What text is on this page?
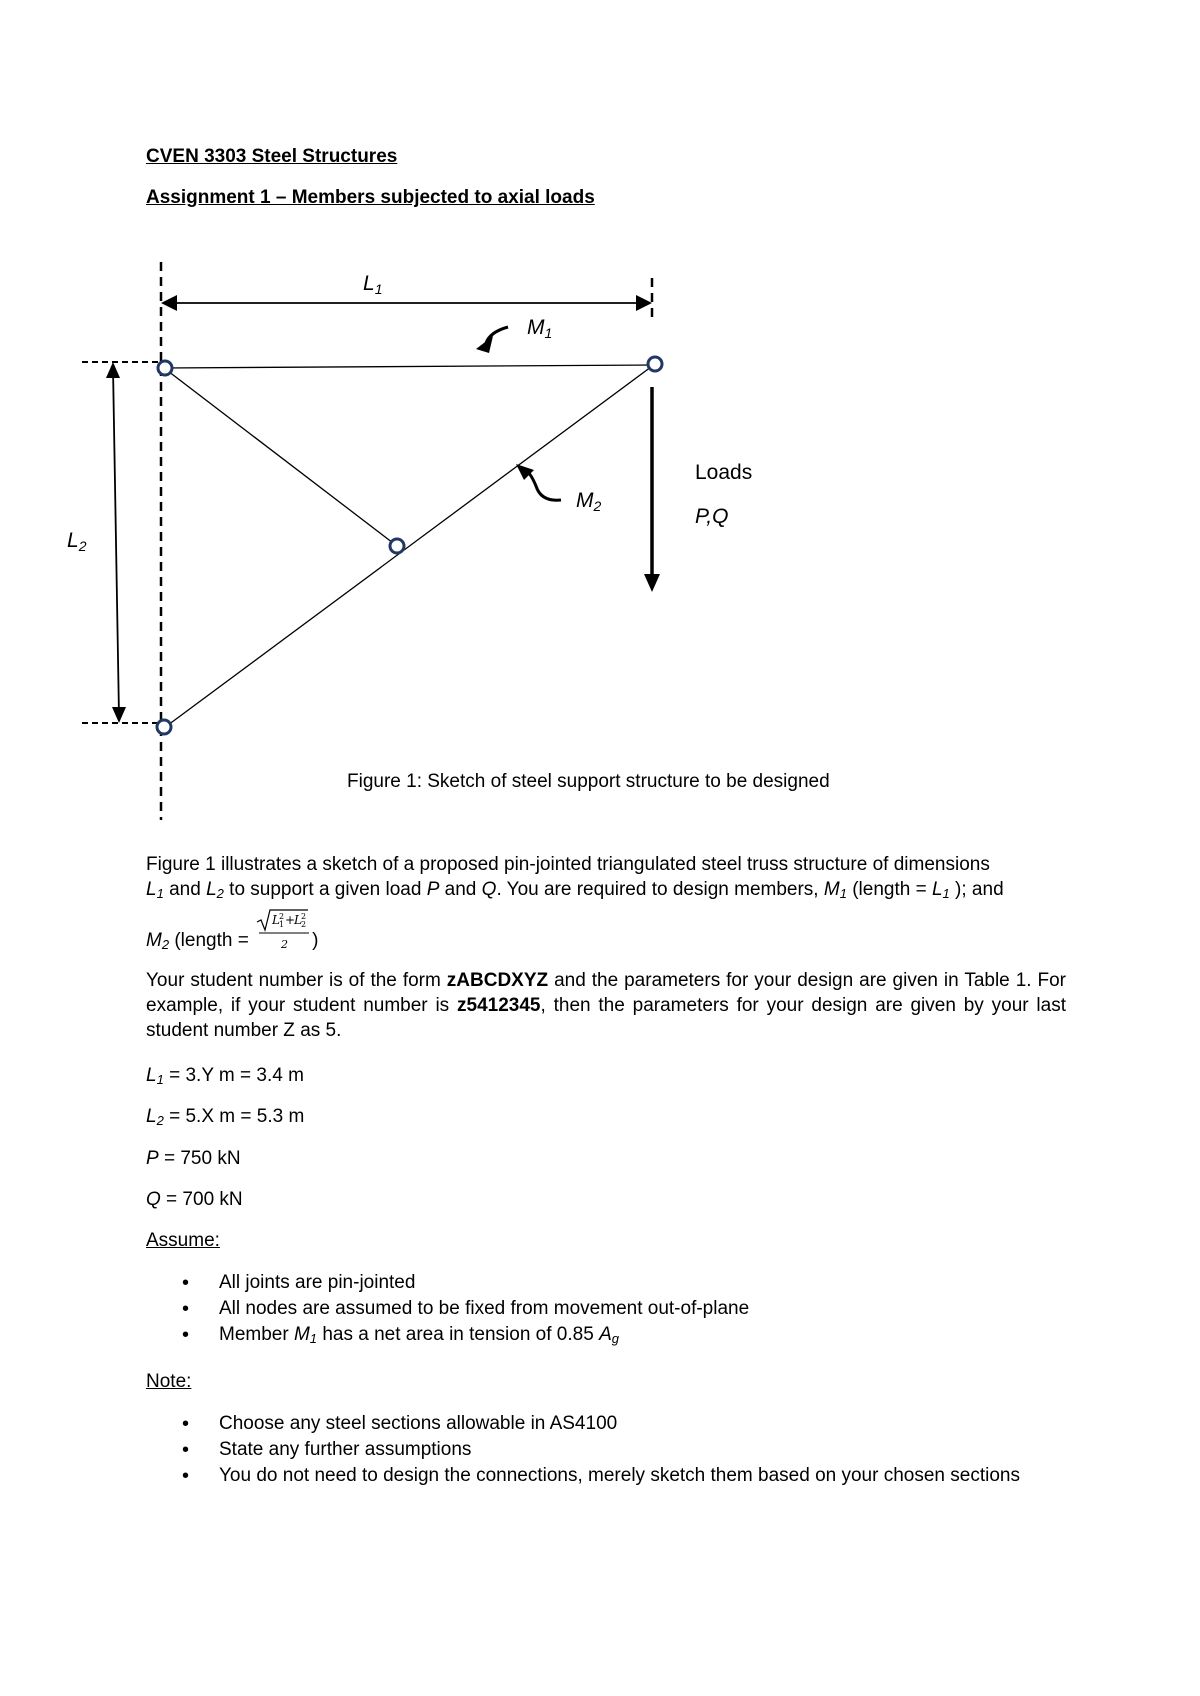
CVEN 3303 Steel Structures
Assignment 1 – Members subjected to axial loads
L1
L2
M1
M2
Loads
P,Q
Figure 1: Sketch of steel support structure to be designed
Figure 1 illustrates a sketch of a proposed pin-jointed triangulated steel truss structure of dimensions
$L_1$ and $L_2$ to support a given load P and Q. You are required to design members, $M_1$ (length = $L_1$ ); and
$M_2$ (length =
L 2
1 +
L 2
2
2 )
Your student number is of the form zABCDXYZ and the parameters for your design are given in Table 1. For example, if your student number is z5412345, then the parameters for your design are given by your last student number Z as 5.
$L_1 = 3.Y$ m = 3.4 m
$L_2 = 5.X$ m = 5.3 m
P = 750 kN
Q = 700 kN
Assume:
• All joints are pin-jointed
• All nodes are assumed to be fixed from movement out-of-plane
• Member $M_1$ has a net area in tension of 0.85 $A_g$
Note:
• Choose any steel sections allowable in AS4100
• State any further assumptions
• You do not need to design the connections, merely sketch them based on your chosen sections
